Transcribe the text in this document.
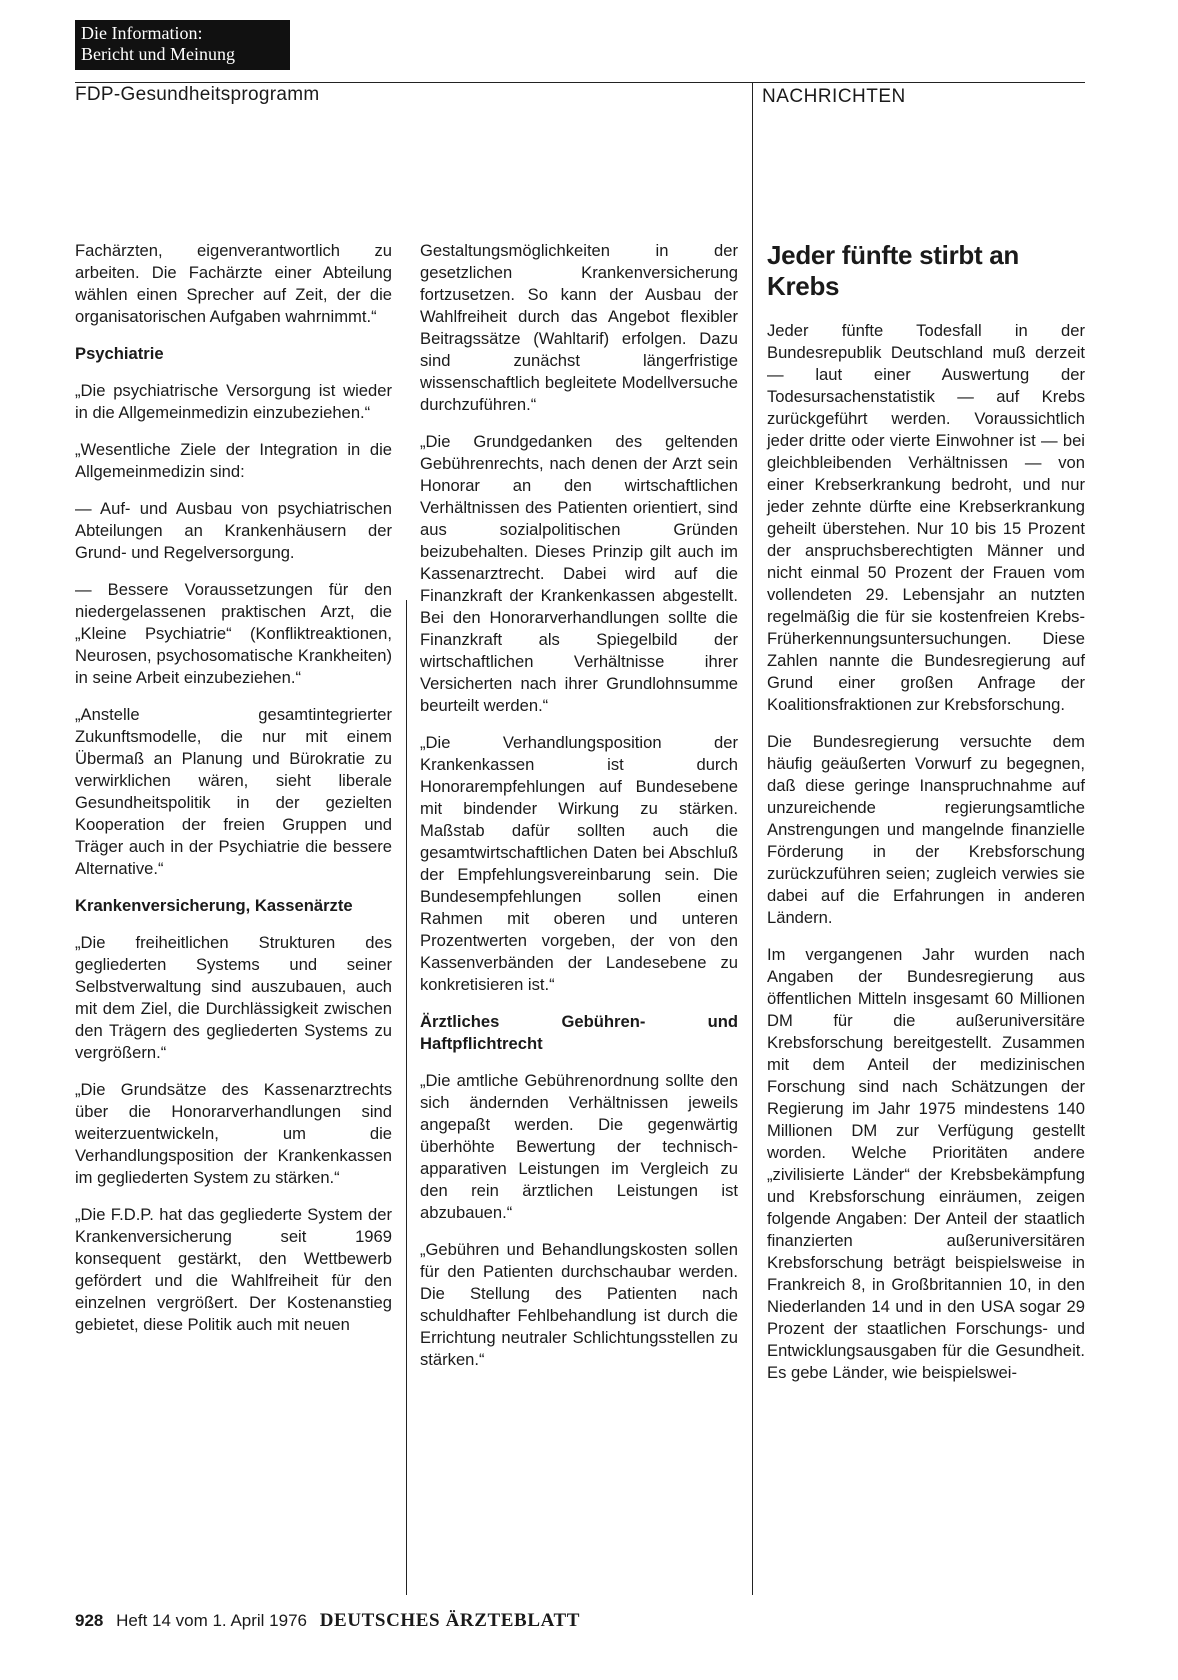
Die Information:
Bericht und Meinung
FDP-Gesundheitsprogramm	NACHRICHTEN

Fachärzten, eigenverantwortlich zu arbeiten. Die Fachärzte einer Abteilung wählen einen Sprecher auf Zeit, der die organisatorischen Aufgaben wahrnimmt.“

Psychiatrie

„Die psychiatrische Versorgung ist wieder in die Allgemeinmedizin einzubeziehen.“

„Wesentliche Ziele der Integration in die Allgemeinmedizin sind:

— Auf- und Ausbau von psychiatrischen Abteilungen an Krankenhäusern der Grund- und Regelversorgung.

— Bessere Voraussetzungen für den niedergelassenen praktischen Arzt, die „Kleine Psychiatrie“ (Konfliktreaktionen, Neurosen, psychosomatische Krankheiten) in seine Arbeit einzubeziehen.“

„Anstelle gesamtintegrierter Zukunftsmodelle, die nur mit einem Übermaß an Planung und Bürokratie zu verwirklichen wären, sieht liberale Gesundheitspolitik in der gezielten Kooperation der freien Gruppen und Träger auch in der Psychiatrie die bessere Alternative.“

Krankenversicherung, Kassenärzte

„Die freiheitlichen Strukturen des gegliederten Systems und seiner Selbstverwaltung sind auszubauen, auch mit dem Ziel, die Durchlässigkeit zwischen den Trägern des gegliederten Systems zu vergrößern.“

„Die Grundsätze des Kassenarztrechts über die Honorarverhandlungen sind weiterzuentwickeln, um die Verhandlungsposition der Krankenkassen im gegliederten System zu stärken.“

„Die F.D.P. hat das gegliederte System der Krankenversicherung seit 1969 konsequent gestärkt, den Wettbewerb gefördert und die Wahlfreiheit für den einzelnen vergrößert. Der Kostenanstieg gebietet, diese Politik auch mit neuen

Gestaltungsmöglichkeiten in der gesetzlichen Krankenversicherung fortzusetzen. So kann der Ausbau der Wahlfreiheit durch das Angebot flexibler Beitragssätze (Wahltarif) erfolgen. Dazu sind zunächst längerfristige wissenschaftlich begleitete Modellversuche durchzuführen.“

„Die Grundgedanken des geltenden Gebührenrechts, nach denen der Arzt sein Honorar an den wirtschaftlichen Verhältnissen des Patienten orientiert, sind aus sozialpolitischen Gründen beizubehalten. Dieses Prinzip gilt auch im Kassenarztrecht. Dabei wird auf die Finanzkraft der Krankenkassen abgestellt. Bei den Honorarverhandlungen sollte die Finanzkraft als Spiegelbild der wirtschaftlichen Verhältnisse ihrer Versicherten nach ihrer Grundlohnsumme beurteilt werden.“

„Die Verhandlungsposition der Krankenkassen ist durch Honorarempfehlungen auf Bundesebene mit bindender Wirkung zu stärken. Maßstab dafür sollten auch die gesamtwirtschaftlichen Daten bei Abschluß der Empfehlungsvereinbarung sein. Die Bundesempfehlungen sollen einen Rahmen mit oberen und unteren Prozentwerten vorgeben, der von den Kassenverbänden der Landesebene zu konkretisieren ist.“

Ärztliches Gebühren- und Haftpflichtrecht

„Die amtliche Gebührenordnung sollte den sich ändernden Verhältnissen jeweils angepaßt werden. Die gegenwärtig überhöhte Bewertung der technisch-apparativen Leistungen im Vergleich zu den rein ärztlichen Leistungen ist abzubauen.“

„Gebühren und Behandlungskosten sollen für den Patienten durchschaubar werden. Die Stellung des Patienten nach schuldhafter Fehlbehandlung ist durch die Errichtung neutraler Schlichtungsstellen zu stärken.“

Jeder fünfte stirbt an Krebs

Jeder fünfte Todesfall in der Bundesrepublik Deutschland muß derzeit — laut einer Auswertung der Todesursachenstatistik — auf Krebs zurückgeführt werden. Voraussichtlich jeder dritte oder vierte Einwohner ist — bei gleichbleibenden Verhältnissen — von einer Krebserkrankung bedroht, und nur jeder zehnte dürfte eine Krebserkrankung geheilt überstehen. Nur 10 bis 15 Prozent der anspruchsberechtigten Männer und nicht einmal 50 Prozent der Frauen vom vollendeten 29. Lebensjahr an nutzten regelmäßig die für sie kostenfreien Krebs-Früherkennungsuntersuchungen. Diese Zahlen nannte die Bundesregierung auf Grund einer großen Anfrage der Koalitionsfraktionen zur Krebsforschung.

Die Bundesregierung versuchte dem häufig geäußerten Vorwurf zu begegnen, daß diese geringe Inanspruchnahme auf unzureichende regierungsamtliche Anstrengungen und mangelnde finanzielle Förderung in der Krebsforschung zurückzuführen seien; zugleich verwies sie dabei auf die Erfahrungen in anderen Ländern.

Im vergangenen Jahr wurden nach Angaben der Bundesregierung aus öffentlichen Mitteln insgesamt 60 Millionen DM für die außeruniversitäre Krebsforschung bereitgestellt. Zusammen mit dem Anteil der medizinischen Forschung sind nach Schätzungen der Regierung im Jahr 1975 mindestens 140 Millionen DM zur Verfügung gestellt worden. Welche Prioritäten andere „zivilisierte Länder“ der Krebsbekämpfung und Krebsforschung einräumen, zeigen folgende Angaben: Der Anteil der staatlich finanzierten außeruniversitären Krebsforschung beträgt beispielsweise in Frankreich 8, in Großbritannien 10, in den Niederlanden 14 und in den USA sogar 29 Prozent der staatlichen Forschungs- und Entwicklungsausgaben für die Gesundheit. Es gebe Länder, wie beispielswei-

928 Heft 14 vom 1. April 1976 DEUTSCHES ÄRZTEBLATT
